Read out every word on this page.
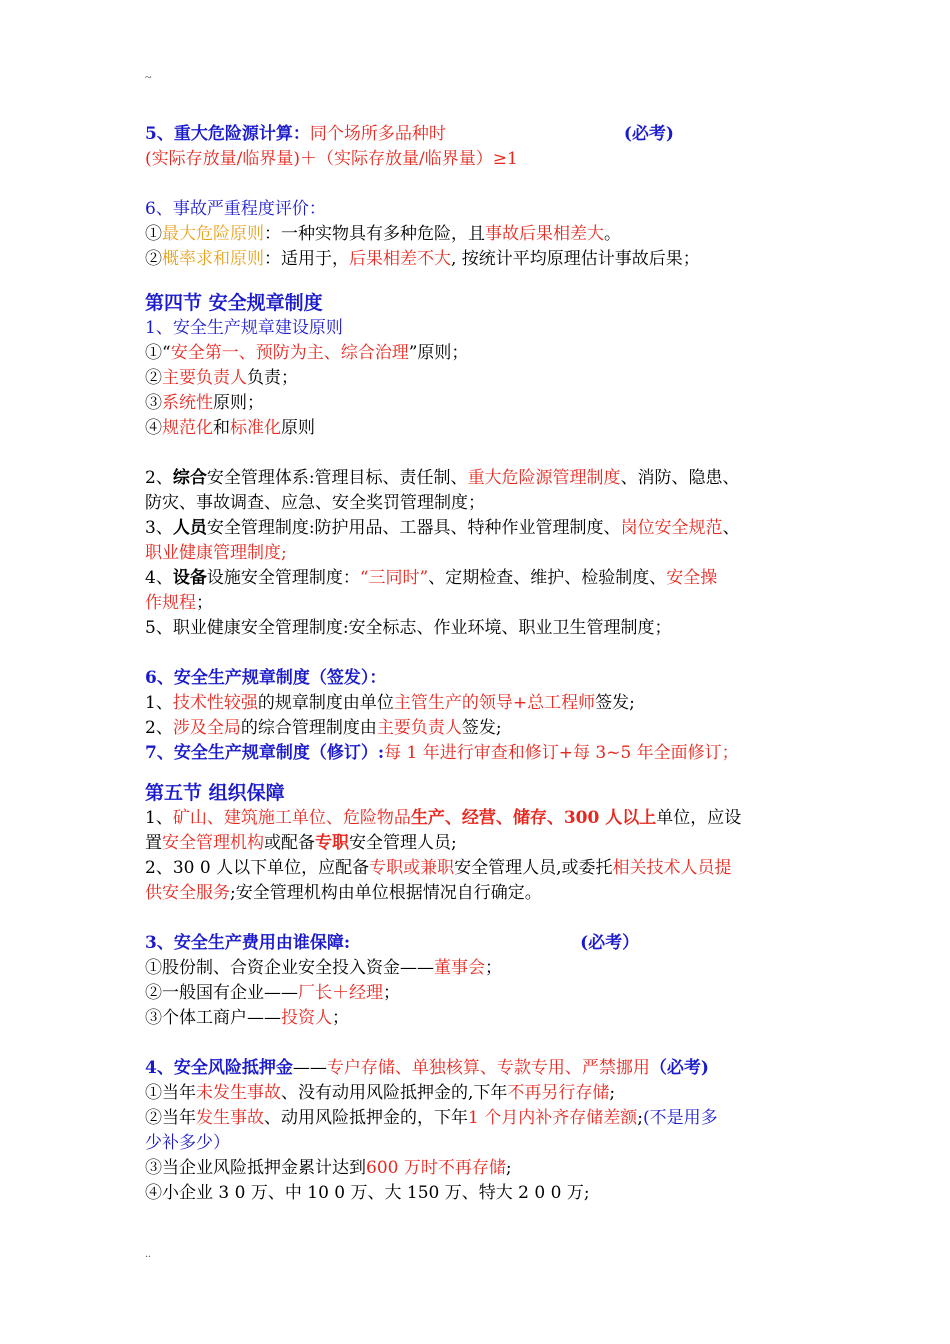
~
5、重大危险源计算：同个场所多品种时	(必考)
(实际存放量/临界量)＋（实际存放量/临界量）≥1
6、事故严重程度评价：
①最大危险原则：一种实物具有多种危险，且事故后果相差大。
②概率求和原则：适用于，后果相差不大, 按统计平均原理估计事故后果；
第四节 安全规章制度
1、安全生产规章建设原则
①“安全第一、预防为主、综合治理”原则；
②主要负责人负责；
③系统性原则；
④规范化和标准化原则
2、综合安全管理体系:管理目标、责任制、重大危险源管理制度、消防、隐患、
防灾、事故调查、应急、安全奖罚管理制度；
3、人员安全管理制度:防护用品、工器具、特种作业管理制度、岗位安全规范、
职业健康管理制度;
4、设备设施安全管理制度：“三同时”、定期检查、维护、检验制度、安全操
作规程；
5、职业健康安全管理制度:安全标志、作业环境、职业卫生管理制度；
6、安全生产规章制度（签发）：
1、技术性较强的规章制度由单位主管生产的领导+总工程师签发;
2、涉及全局的综合管理制度由主要负责人签发;
7、安全生产规章制度（修订）:每 1 年进行审查和修订+每 3~5 年全面修订；
第五节 组织保障
1、矿山、建筑施工单位、危险物品生产、经营、储存、300 人以上单位，应设
置安全管理机构或配备专职安全管理人员;
2、30 0 人以下单位，应配备专职或兼职安全管理人员,或委托相关技术人员提
供安全服务;安全管理机构由单位根据情况自行确定。
3、安全生产费用由谁保障:	(必考）
①股份制、合资企业安全投入资金——董事会；
②一般国有企业——厂长＋经理；
③个体工商户——投资人；
4、安全风险抵押金——专户存储、单独核算、专款专用、严禁挪用（必考)
①当年未发生事故、没有动用风险抵押金的,下年不再另行存储;
②当年发生事故、动用风险抵押金的，下年1 个月内补齐存储差额;(不是用多
少补多少）
③当企业风险抵押金累计达到600 万时不再存储;
④小企业 3 0 万、中 10 0 万、大 150 万、特大 2 0 0 万;
..
